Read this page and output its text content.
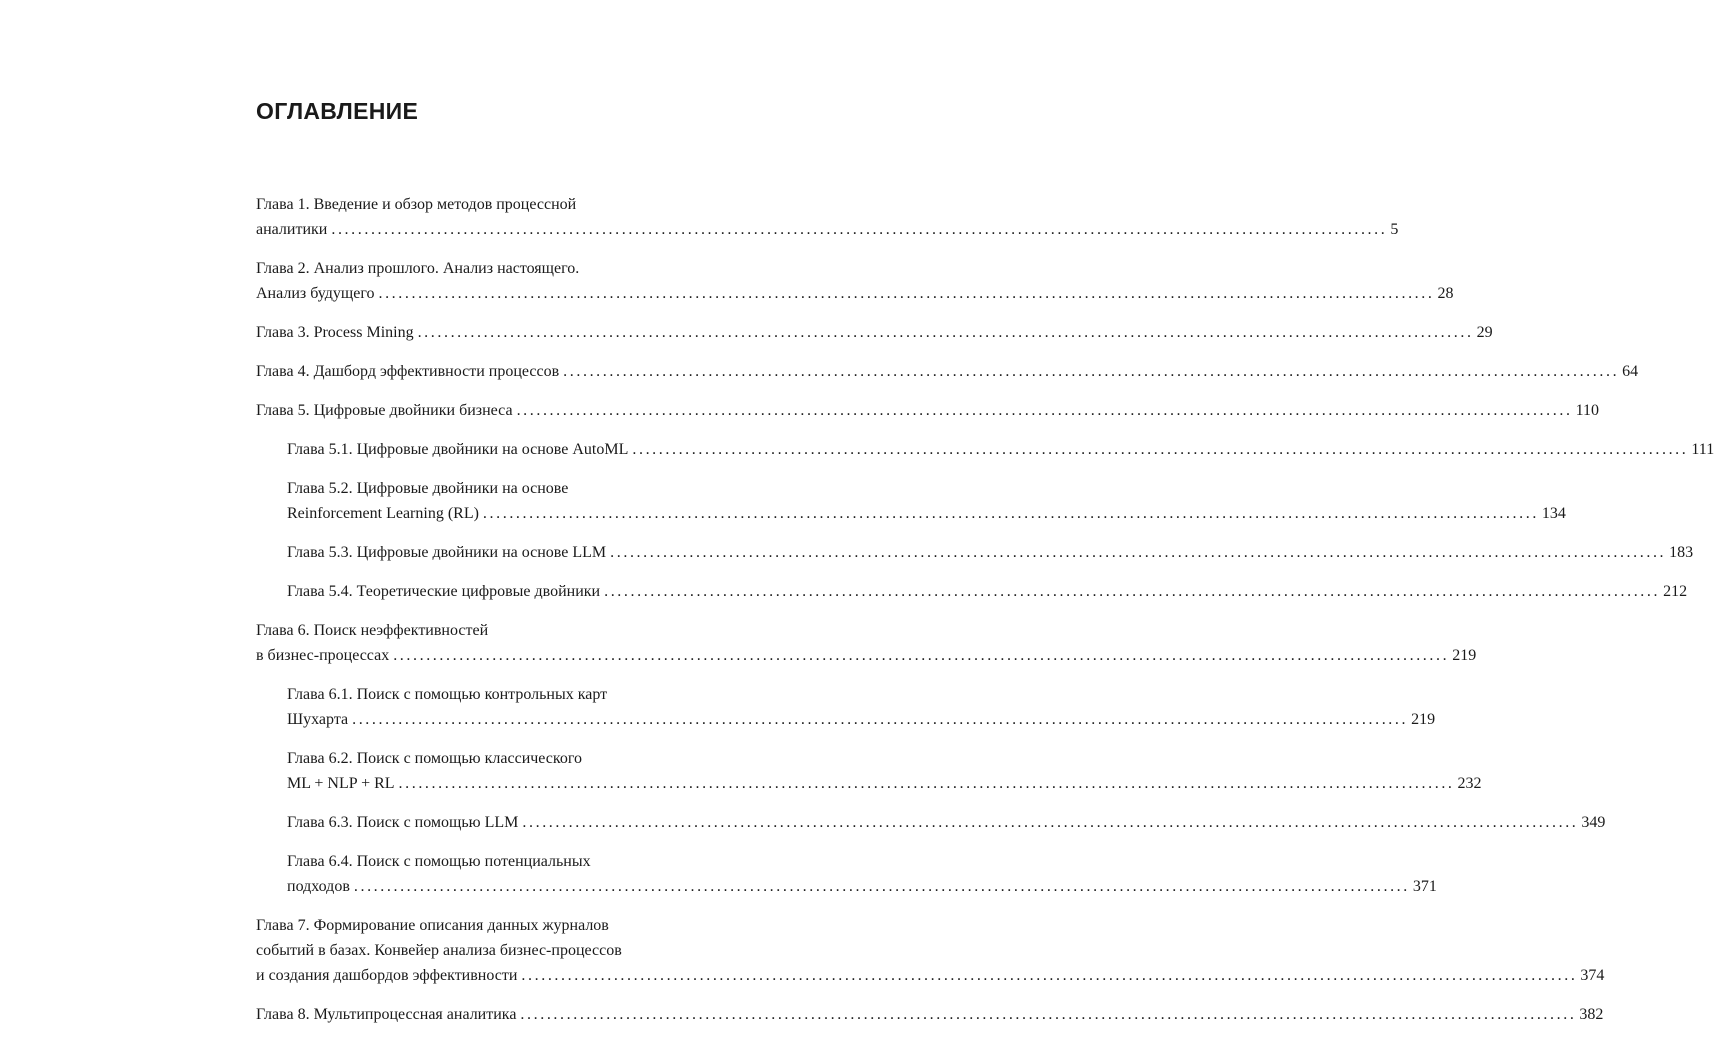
ОГЛАВЛЕНИЕ
Глава 1. Введение и обзор методов процессной
аналитики ................................................................................................................................................................ 5
Глава 2. Анализ прошлого. Анализ настоящего.
Анализ будущего ................................................................................................................................................................ 28
Глава 3. Process Mining ................................................................................................................................................................ 29
Глава 4. Дашборд эффективности процессов ................................................................................................................................................................ 64
Глава 5. Цифровые двойники бизнеса ................................................................................................................................................................ 110
Глава 5.1. Цифровые двойники на основе AutoML ................................................................................................................................................................ 111
Глава 5.2. Цифровые двойники на основе
Reinforcement Learning (RL) ................................................................................................................................................................ 134
Глава 5.3. Цифровые двойники на основе LLM ................................................................................................................................................................ 183
Глава 5.4. Теоретические цифровые двойники ................................................................................................................................................................ 212
Глава 6. Поиск неэффективностей
в бизнес-процессах ................................................................................................................................................................ 219
Глава 6.1. Поиск с помощью контрольных карт
Шухарта ................................................................................................................................................................ 219
Глава 6.2. Поиск с помощью классического
ML + NLP + RL ................................................................................................................................................................ 232
Глава 6.3. Поиск с помощью LLM ................................................................................................................................................................ 349
Глава 6.4. Поиск с помощью потенциальных
подходов ................................................................................................................................................................ 371
Глава 7. Формирование описания данных журналов
событий в базах. Конвейер анализа бизнес-процессов
и создания дашбордов эффективности ................................................................................................................................................................ 374
Глава 8. Мультипроцессная аналитика ................................................................................................................................................................ 382
